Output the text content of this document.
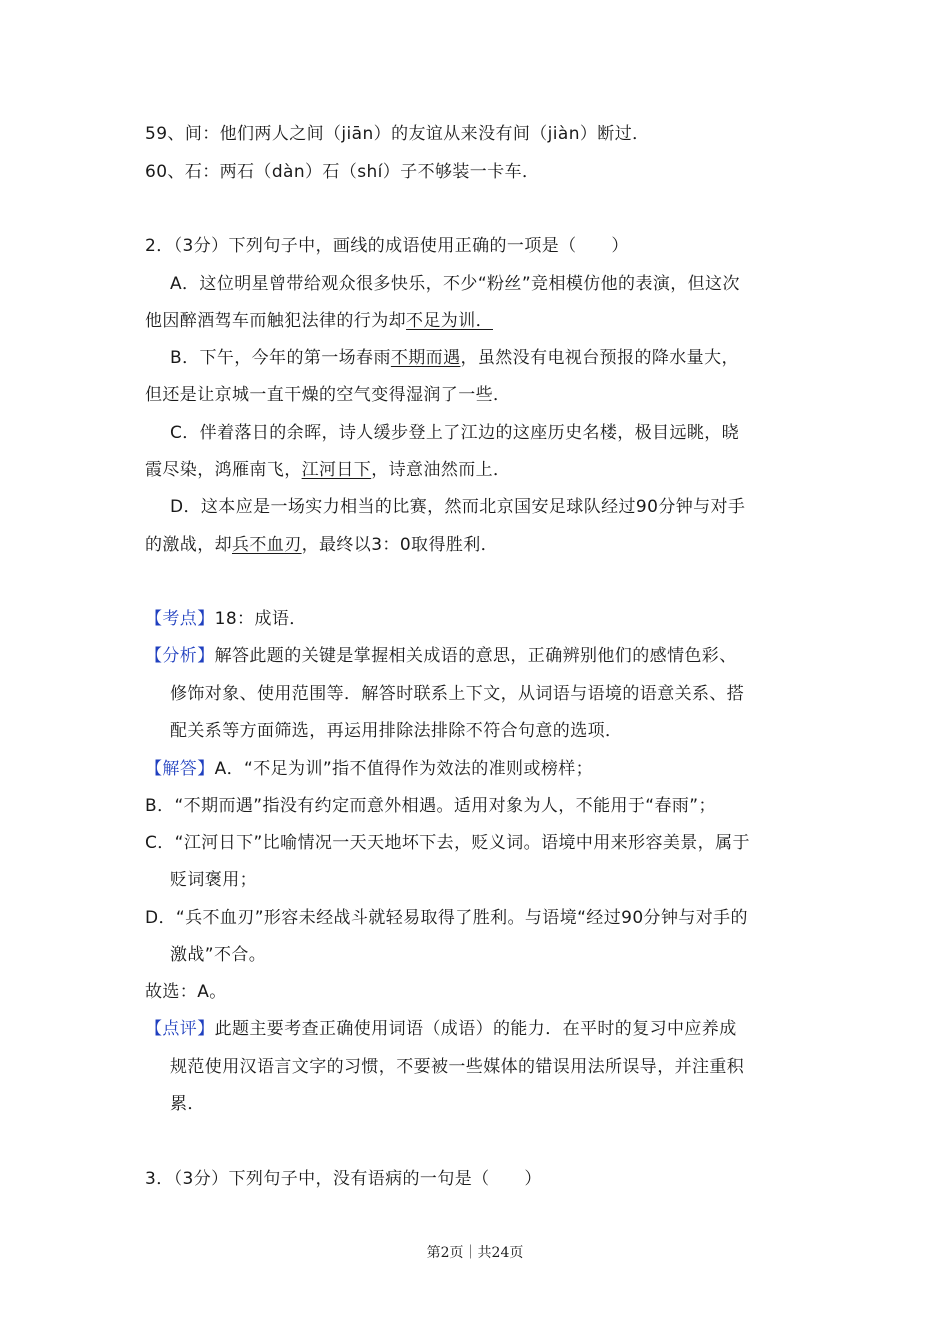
59、间：他们两人之间（jiān）的友谊从来没有间（jiàn）断过．
60、石：两石（dàn）石（shí）子不够装一卡车．
2．（3分）下列句子中，画线的成语使用正确的一项是（　　）
A．这位明星曾带给观众很多快乐，不少“粉丝”竞相模仿他的表演，但这次
他因醉酒驾车而触犯法律的行为却不足为训．
B．下午，今年的第一场春雨不期而遇，虽然没有电视台预报的降水量大，
但还是让京城一直干燥的空气变得湿润了一些．
C．伴着落日的余晖，诗人缓步登上了江边的这座历史名楼，极目远眺，晓
霞尽染，鸿雁南飞，江河日下，诗意油然而上．
D．这本应是一场实力相当的比赛，然而北京国安足球队经过90分钟与对手
的激战，却兵不血刃，最终以3：0取得胜利．
【考点】18：成语．
【分析】解答此题的关键是掌握相关成语的意思，正确辨别他们的感情色彩、
修饰对象、使用范围等．解答时联系上下文，从词语与语境的语意关系、搭
配关系等方面筛选，再运用排除法排除不符合句意的选项．
【解答】A．“不足为训”指不值得作为效法的准则或榜样；
B．“不期而遇”指没有约定而意外相遇。适用对象为人，不能用于“春雨”；
C．“江河日下”比喻情况一天天地坏下去，贬义词。语境中用来形容美景，属于
贬词褒用；
D．“兵不血刃”形容未经战斗就轻易取得了胜利。与语境“经过90分钟与对手的
激战”不合。
故选：A。
【点评】此题主要考查正确使用词语（成语）的能力．在平时的复习中应养成
规范使用汉语言文字的习惯，不要被一些媒体的错误用法所误导，并注重积
累．
3．（3分）下列句子中，没有语病的一句是（　　）
第2页｜共24页
